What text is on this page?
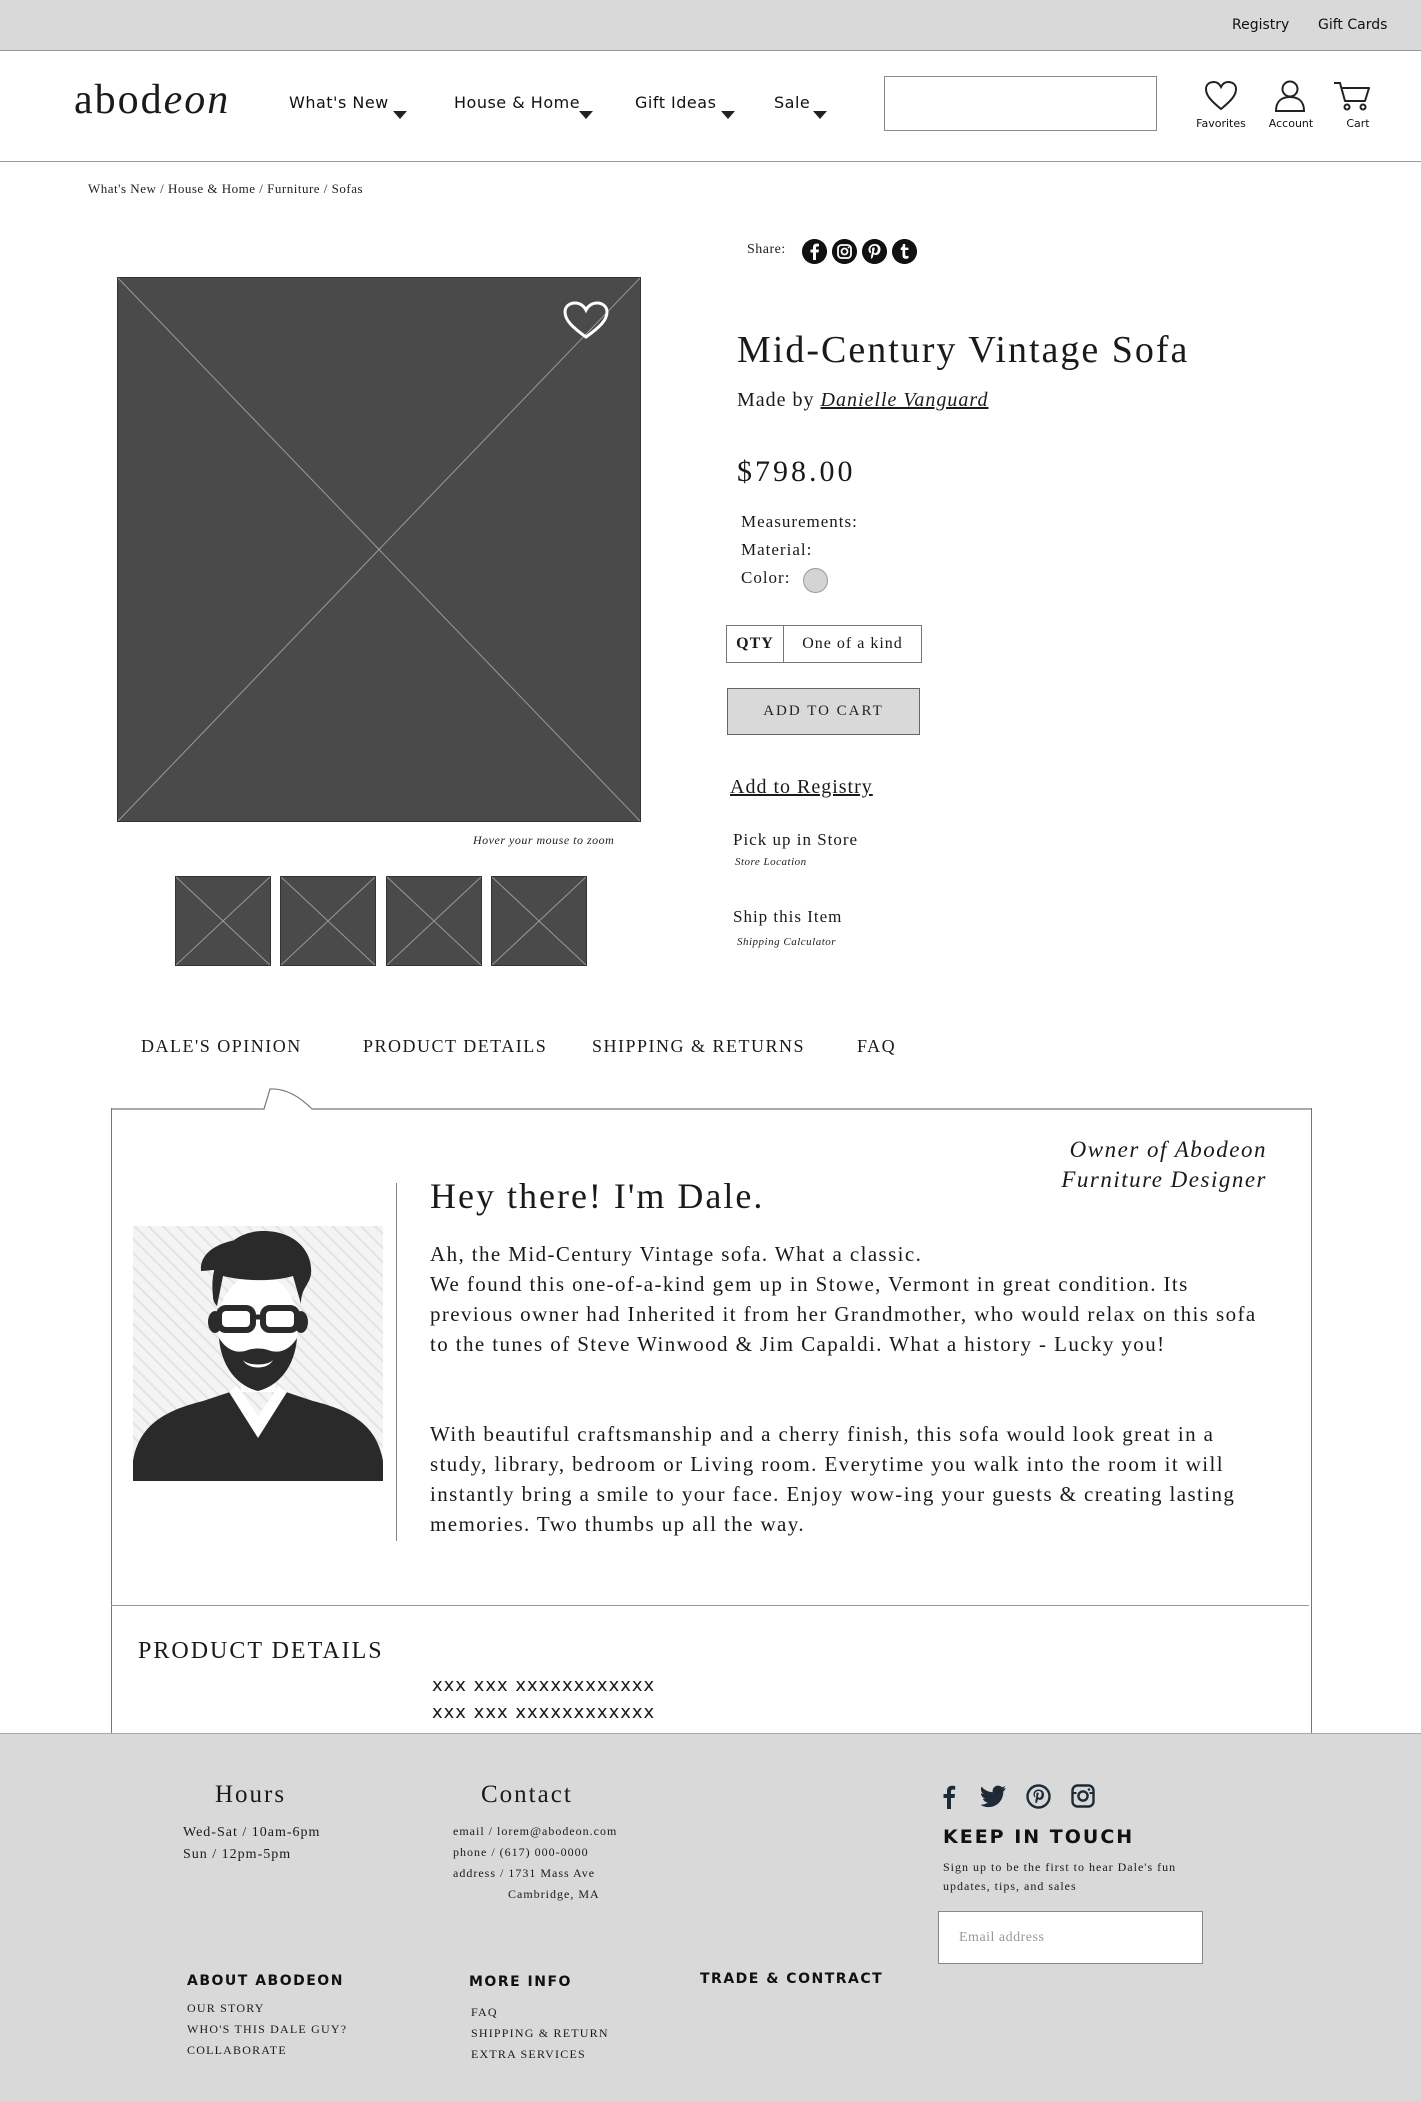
Registry Gift Cards
abodeon	What's New	House & Home	Gift Ideas	Sale
Favorites	Account	Cart
What's New / House & Home / Furniture / Sofas
Hover your mouse to zoom
Share:
Mid-Century Vintage Sofa
Made by Danielle Vanguard
$798.00
Measurements:
Material:
Color:
QTY	One of a kind
ADD TO CART
Add to Registry
Pick up in Store
Store Location
Ship this Item
Shipping Calculator
DALE'S OPINION	PRODUCT DETAILS SHIPPING & RETURNS	FAQ
Owner of Abodeon
Furniture Designer
Hey there! I'm Dale.

Ah, the Mid-Century Vintage sofa. What a classic.

We found this one-of-a-kind gem up in Stowe, Vermont in great condition. Its previous owner had Inherited it from her Grandmother, who would relax on this sofa to the tunes of Steve Winwood & Jim Capaldi. What a history - Lucky you!

With beautiful craftsmanship and a cherry finish, this sofa would look great in a study, library, bedroom or Living room. Everytime you walk into the room it will instantly bring a smile to your face. Enjoy wow-ing your guests & creating lasting memories. Two thumbs up all the way.

PRODUCT DETAILS
xxx xxx xxxxxxxxxxxx
xxx xxx xxxxxxxxxxxx
Hours
Wed-Sat / 10am-6pm
Sun / 12pm-5pm
Contact
email / lorem@abodeon.com
phone / (617) 000-0000
address / 1731 Mass Ave
Cambridge, MA
KEEP IN TOUCH
Sign up to be the first to hear Dale's fun
updates, tips, and sales
Email address
ABOUT ABODEON
OUR STORY
WHO'S THIS DALE GUY?
COLLABORATE
MORE INFO
FAQ
SHIPPING & RETURN
EXTRA SERVICES
TRADE & CONTRACT
